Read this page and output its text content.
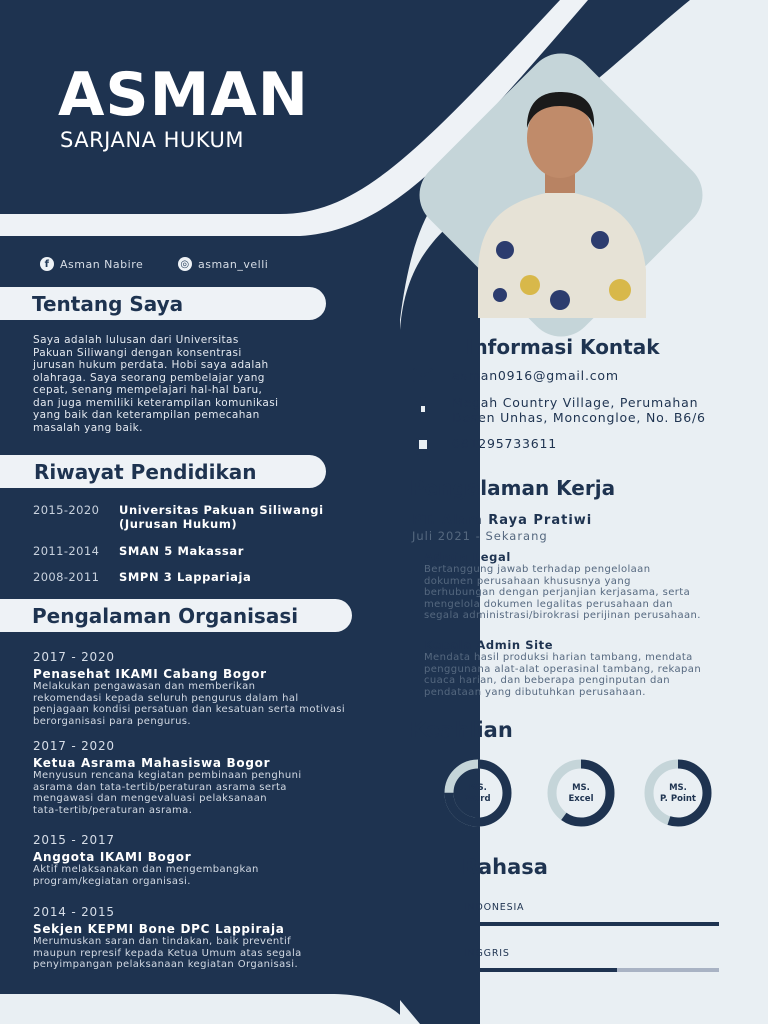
ASMAN
SARJANA HUKUM
f Asman Nabire	◎ asman_velli
Tentang Saya
Saya adalah lulusan dari Universitas
Pakuan Siliwangi dengan konsentrasi
jurusan hukum perdata. Hobi saya adalah
olahraga. Saya seorang pembelajar yang
cepat, senang mempelajari hal-hal baru,
dan juga memiliki keterampilan komunikasi
yang baik dan keterampilan pemecahan
masalah yang baik.
Riwayat Pendidikan
2015-2020	Universitas Pakuan Siliwangi
(Jurusan Hukum)
2011-2014	SMAN 5 Makassar
2008-2011	SMPN 3 Lappariaja
Pengalaman Organisasi
2017 - 2020
Penasehat IKAMI Cabang Bogor
Melakukan pengawasan dan memberikan
rekomendasi kepada seluruh pengurus dalam hal
penjagaan kondisi persatuan dan kesatuan serta motivasi
berorganisasi para pengurus.
2017 - 2020
Ketua Asrama Mahasiswa Bogor
Menyusun rencana kegiatan pembinaan penghuni
asrama dan tata-tertib/peraturan asrama serta
mengawasi dan mengevaluasi pelaksanaan
tata-tertib/peraturan asrama.
2015 - 2017
Anggota IKAMI Bogor
Aktif melaksanakan dan mengembangkan
program/kegiatan organisasi.
2014 - 2015
Sekjen KEPMI Bone DPC Lappiraja
Merumuskan saran dan tindakan, baik preventif
maupun represif kepada Ketua Umum atas segala
penyimpangan pelaksanaan kegiatan Organisasi.
Informasi Kontak
asman0916@gmail.com
Megah Country Village, Perumahan
Dosen Unhas, Moncongloe, No. B6/6
081295733611
Pengalaman Kerja
PT. Alam Raya Pratiwi
Juli 2021 - Sekarang
Admin Legal
Bertanggung jawab terhadap pengelolaan
dokumen perusahaan khususnya yang
berhubungan dengan perjanjian kerjasama, serta
mengelola dokumen legalitas perusahaan dan
segala administrasi/birokrasi perijinan perusahaan.
Kepala Admin Site
Mendata hasil produksi harian tambang, mendata
penggunana alat-alat operasinal tambang, rekapan
cuaca harian, dan beberapa penginputan dan
pendataan yang dibutuhkan perusahaan.
Keahlian
MS.
Word
MS.
Excel
MS.
P. Point
Bahasa
INDONESIA
INGGRIS
